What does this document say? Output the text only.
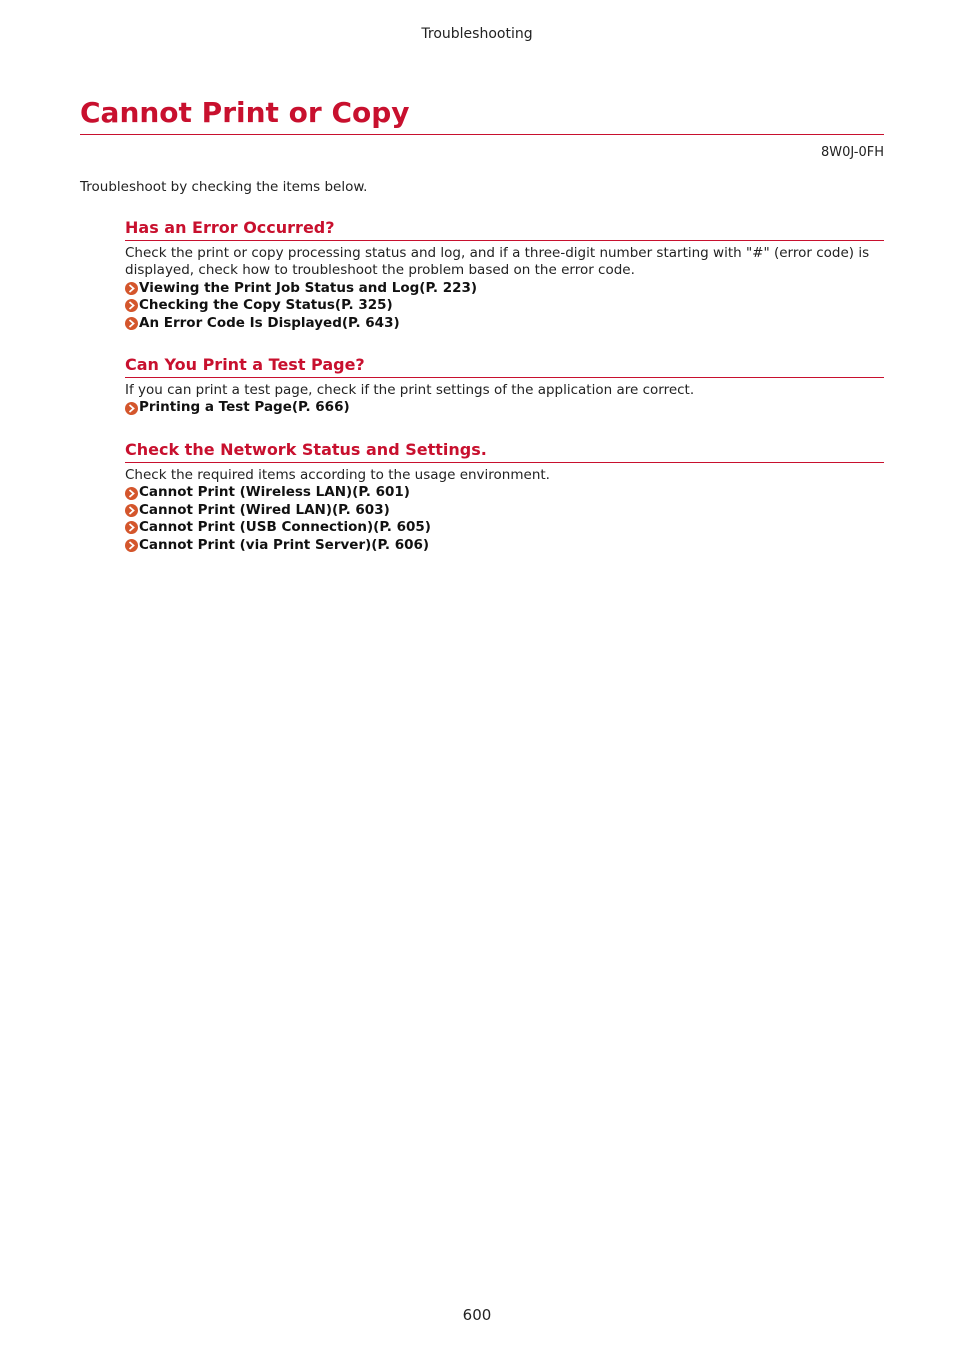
Troubleshooting
Cannot Print or Copy
8W0J-0FH
Troubleshoot by checking the items below.
Has an Error Occurred?

Check the print or copy processing status and log, and if a three-digit number starting with "#" (error code) is displayed, check how to troubleshoot the problem based on the error code.

Viewing the Print Job Status and Log(P. 223)
Checking the Copy Status(P. 325)
An Error Code Is Displayed(P. 643)
Can You Print a Test Page?

If you can print a test page, check if the print settings of the application are correct.

Printing a Test Page(P. 666)
Check the Network Status and Settings.

Check the required items according to the usage environment.

Cannot Print (Wireless LAN)(P. 601)
Cannot Print (Wired LAN)(P. 603)
Cannot Print (USB Connection)(P. 605)
Cannot Print (via Print Server)(P. 606)
600
